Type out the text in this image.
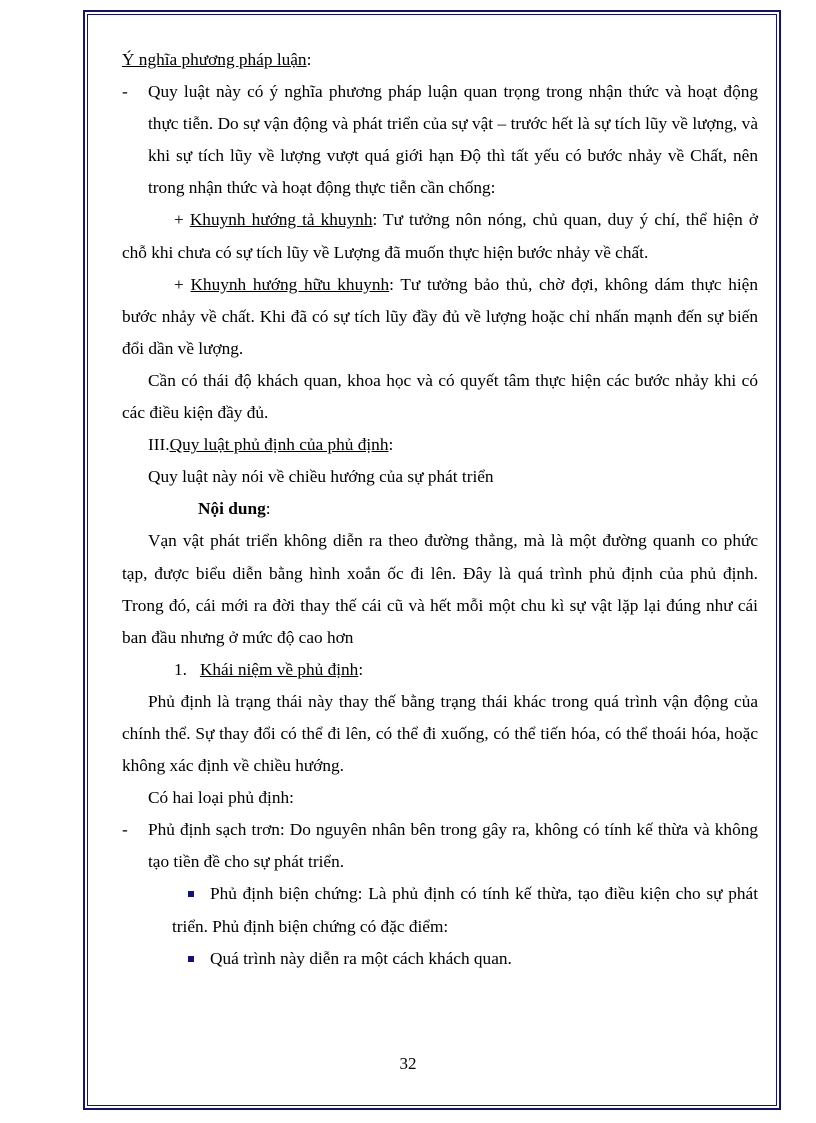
Ý nghĩa phương pháp luận:

- Quy luật này có ý nghĩa phương pháp luận quan trọng trong nhận thức và hoạt động thực tiễn. Do sự vận động và phát triển của sự vật – trước hết là sự tích lũy về lượng, và khi sự tích lũy về lượng vượt quá giới hạn Độ thì tất yếu có bước nhảy về Chất, nên trong nhận thức và hoạt động thực tiễn cần chống:

+ Khuynh hướng tả khuynh: Tư tưởng nôn nóng, chủ quan, duy ý chí, thể hiện ở chỗ khi chưa có sự tích lũy về Lượng đã muốn thực hiện bước nhảy về chất.

+ Khuynh hướng hữu khuynh: Tư tưởng bảo thủ, chờ đợi, không dám thực hiện bước nhảy về chất. Khi đã có sự tích lũy đầy đủ về lượng hoặc chỉ nhấn mạnh đến sự biến đổi dần về lượng.

Cần có thái độ khách quan, khoa học và có quyết tâm thực hiện các bước nhảy khi có các điều kiện đầy đủ.

III.Quy luật phủ định của phủ định:

Quy luật này nói về chiều hướng của sự phát triển

Nội dung:

Vạn vật phát triển không diễn ra theo đường thẳng, mà là một đường quanh co phức tạp, được biểu diễn bằng hình xoắn ốc đi lên. Đây là quá trình phủ định của phủ định. Trong đó, cái mới ra đời thay thế cái cũ và hết mỗi một chu kì sự vật lặp lại đúng như cái ban đầu nhưng ở mức độ cao hơn

1. Khái niệm về phủ định:

Phủ định là trạng thái này thay thế bằng trạng thái khác trong quá trình vận động của chính thể. Sự thay đổi có thể đi lên, có thể đi xuống, có thể tiến hóa, có thể thoái hóa, hoặc không xác định về chiều hướng.

Có hai loại phủ định:

- Phủ định sạch trơn: Do nguyên nhân bên trong gây ra, không có tính kế thừa và không tạo tiền đề cho sự phát triển.

Phủ định biện chứng: Là phủ định có tính kế thừa, tạo điều kiện cho sự phát triển. Phủ định biện chứng có đặc điểm:

Quá trình này diễn ra một cách khách quan.

32
